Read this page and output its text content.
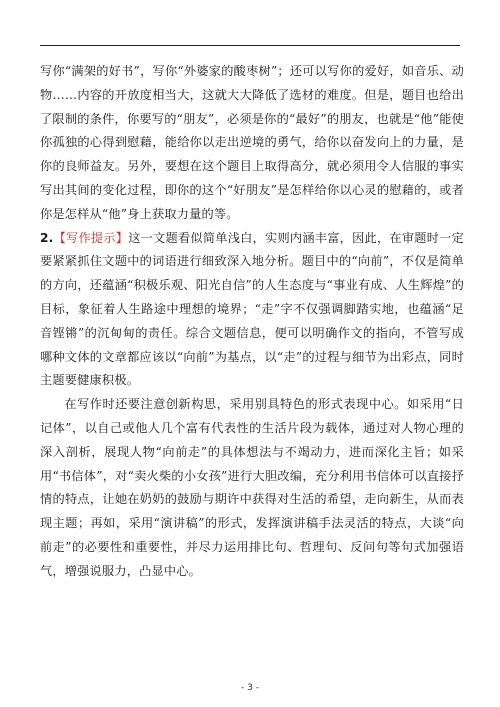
写你“满架的好书”，写你“外婆家的酸枣树”；还可以写你的爱好，如音乐、动物……内容的开放度相当大，这就大大降低了选材的难度。但是，题目也给出了限制的条件，你要写的“朋友”，必须是你的“最好”的朋友，也就是“他”能使你孤独的心得到慰藉，能给你以走出逆境的勇气，给你以奋发向上的力量，是你的良师益友。另外，要想在这个题目上取得高分，就必须用令人信服的事实写出其间的变化过程，即你的这个“好朋友”是怎样给你以心灵的慰藉的，或者你是怎样从“他”身上获取力量的等。

2.【写作提示】这一文题看似简单浅白，实则内涵丰富，因此，在审题时一定要紧紧抓住文题中的词语进行细致深入地分析。题目中的“向前”，不仅是简单的方向，还蕴涵“积极乐观、阳光自信”的人生态度与“事业有成、人生辉煌”的目标，象征着人生路途中理想的境界；“走”字不仅强调脚踏实地，也蕴涵“足音铿锵”的沉甸甸的责任。综合文题信息，便可以明确作文的指向，不管写成哪种文体的文章都应该以“向前”为基点，以“走”的过程与细节为出彩点，同时主题要健康积极。

在写作时还要注意创新构思，采用别具特色的形式表现中心。如采用“日记体”，以自己或他人几个富有代表性的生活片段为载体，通过对人物心理的深入剖析，展现人物“向前走”的具体想法与不竭动力，进而深化主旨；如采用“书信体”，对“卖火柴的小女孩”进行大胆改编，充分利用书信体可以直接抒情的特点，让她在奶奶的鼓励与期许中获得对生活的希望，走向新生，从而表现主题；再如，采用“演讲稿”的形式，发挥演讲稿手法灵活的特点，大谈“向前走”的必要性和重要性，并尽力运用排比句、哲理句、反问句等句式加强语气，增强说服力，凸显中心。

- 3 -
